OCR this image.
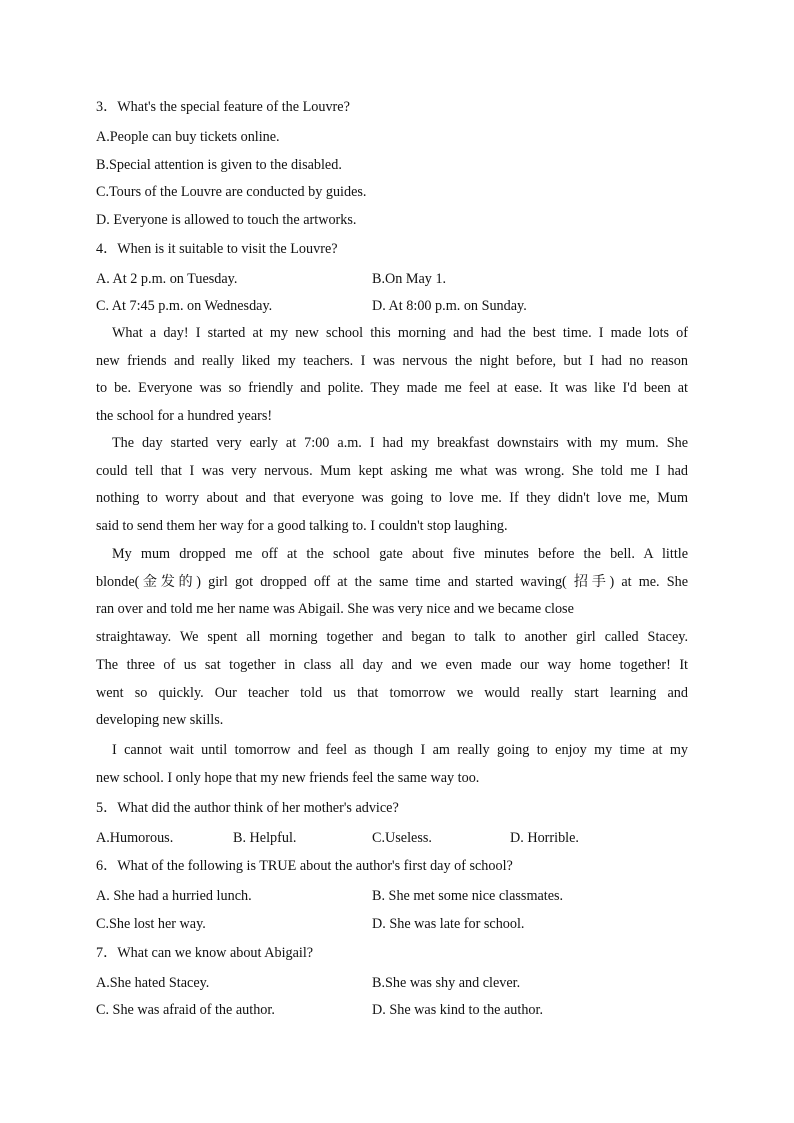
3．What's the special feature of the Louvre?
A.People can buy tickets online.
B.Special attention is given to the disabled.
C.Tours of the Louvre are conducted by guides.
D. Everyone is allowed to touch the artworks.
4．When is it suitable to visit the Louvre?
A. At 2 p.m. on Tuesday.	B.On May 1.
C. At 7:45 p.m. on Wednesday.	D. At 8:00 p.m. on Sunday.
What a day! I started at my new school this morning and had the best time. I made lots of
new friends and really liked my teachers. I was nervous the night before, but I had no reason
to be. Everyone was so friendly and polite. They made me feel at ease. It was like I'd been at
the school for a hundred years!
The day started very early at 7:00 a.m. I had my breakfast downstairs with my mum. She
could tell that I was very nervous. Mum kept asking me what was wrong. She told me I had
nothing to worry about and that everyone was going to love me. If they didn't love me, Mum
said to send them her way for a good talking to. I couldn't stop laughing.
My mum dropped me off at the school gate about five minutes before the bell. A little
blonde(金发的) girl got dropped off at the same time and started waving( 招手) at me. She
ran over and told me her name was Abigail. She was very nice and we became close
straightaway. We spent all morning together and began to talk to another girl called Stacey.
The three of us sat together in class all day and we even made our way home together! It
went so quickly. Our teacher told us that tomorrow we would really start learning and
developing new skills.
I cannot wait until tomorrow and feel as though I am really going to enjoy my time at my
new school. I only hope that my new friends feel the same way too.
5．What did the author think of her mother's advice?
A.Humorous.	B. Helpful.	C.Useless.	D. Horrible.
6．What of the following is TRUE about the author's first day of school?
A. She had a hurried lunch.	B. She met some nice classmates.
C.She lost her way.	D. She was late for school.
7．What can we know about Abigail?
A.She hated Stacey.	B.She was shy and clever.
C. She was afraid of the author.	D. She was kind to the author.
